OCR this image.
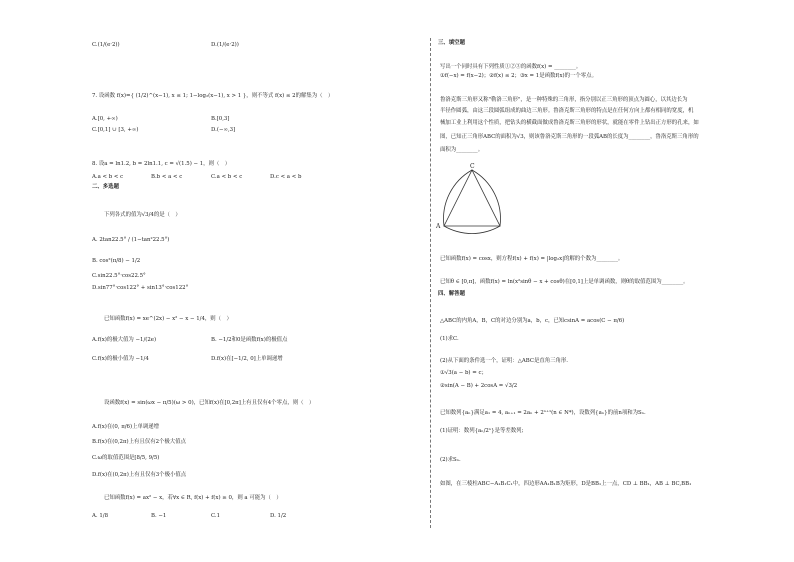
C.(1/(e·2))	D.(1/(e·2))
7. 设函数 f(x)={ (1/2)^(x−1), x ≤ 1; 1−log₂(x−1), x > 1 }，则不等式 f(x) ≤ 2的解集为（　）
A.[0, +∞)	B.[0,3]
C.[0,1] ∪ [3, +∞)	D.(−∞,3]
8. 设a = ln1.2, b = 2ln1.1, c = √(1.5) − 1，则（　）
A.a < b < c	B.b < a < c	C.a < b < c	D.c < a < b
二、多选题
下列各式的值为√3/4的是（　）
A. 2tan22.5° / (1−tan²22.5°)
B. cos²(π/8) − 1/2
C.sin22.5°·cos22.5°
D.sin77°·cos122° + sin13°·cos122°
已知函数f(x) = xe^(2x) − x² − x − 1/4，则（　）
A.f(x)的极大值为 −1/(2e)	B. −1/2和0是函数f(x)的极值点
C.f(x)的极小值为 −1/4	D.f(x)在[−1/2, 0]上单调递增
设函数f(x) = sin(ωx − π/5)(ω > 0)，已知f(x)在[0,2π]上有且仅有4个零点，则（　）
A.f(x)在(0, π/6)上单调递增
B.f(x)在(0,2π)上有且仅有2个极大值点
C.ω的取值范围是[8/5, 9/5)
D.f(x)在(0,2π)上有且仅有3个极小值点
已知函数f(x) = ax² − x，若∀x ∈ R, f(x) + f(x) ≥ 0，则 a 可能为（　）
A. 1/8	B. −1	C.1	D. 1/2
三、填空题
写出一个同时具有下列性质①②③的函数f(x) = ________。
①f(−x) = f(x−2)；②f(x) ≤ 2；③x = 1是函数f(x)的一个零点。
鲁洛克斯三角形又称"勒洛三角形"，是一种特殊的三角形，指分别以正三角形的顶点为圆心，以其边长为
半径作圆弧，由这三段圆弧组成的曲边三角形。鲁洛克斯三角形的特点是在任何方向上都有相同的宽度，机
械加工业上利用这个性质，把钻头的横截面做成鲁洛克斯三角形的形状，就能在零件上钻出正方形的孔来，如
图，已知正三角形ABC的面积为√3，则该鲁洛克斯三角形的一段弧AB的长度为________，鲁洛克斯三角形的
面积为________。
C
A
已知函数f(x) = cosx，则方程f(x) + f(x) = |log₂x|的解的个数为________。
已知θ ∈ [0,π]，函数f(x) = ln(x²sinθ − x + cosθ)在[0,1]上是单调函数，则θ的取值范围为________。
四、解答题
△ABC的内角A，B，C的对边分别为a，b，c，已知csinA = acos(C − π/6)
(1)求C.
(2)从下面的条件选一个，证明：△ABC是直角三角形.
①√3(a − b) = c；
②sin(A − B) + 2cosA = √3/2
已知数列{aₙ}满足a₁ = 4, aₙ₊₁ = 2aₙ + 2ⁿ⁺¹(n ∈ N*)，设数列{aₙ}的前n项和为Sₙ.
(1)证明：数列{aₙ/2ⁿ}是等差数列;
(2)求Sₙ.
如图，在三棱柱ABC−A₁B₁C₁中，四边形AA₁B₁B为矩形，D是BB₁上一点，CD ⊥ BB₁，AB ⊥ BC,BB₁
